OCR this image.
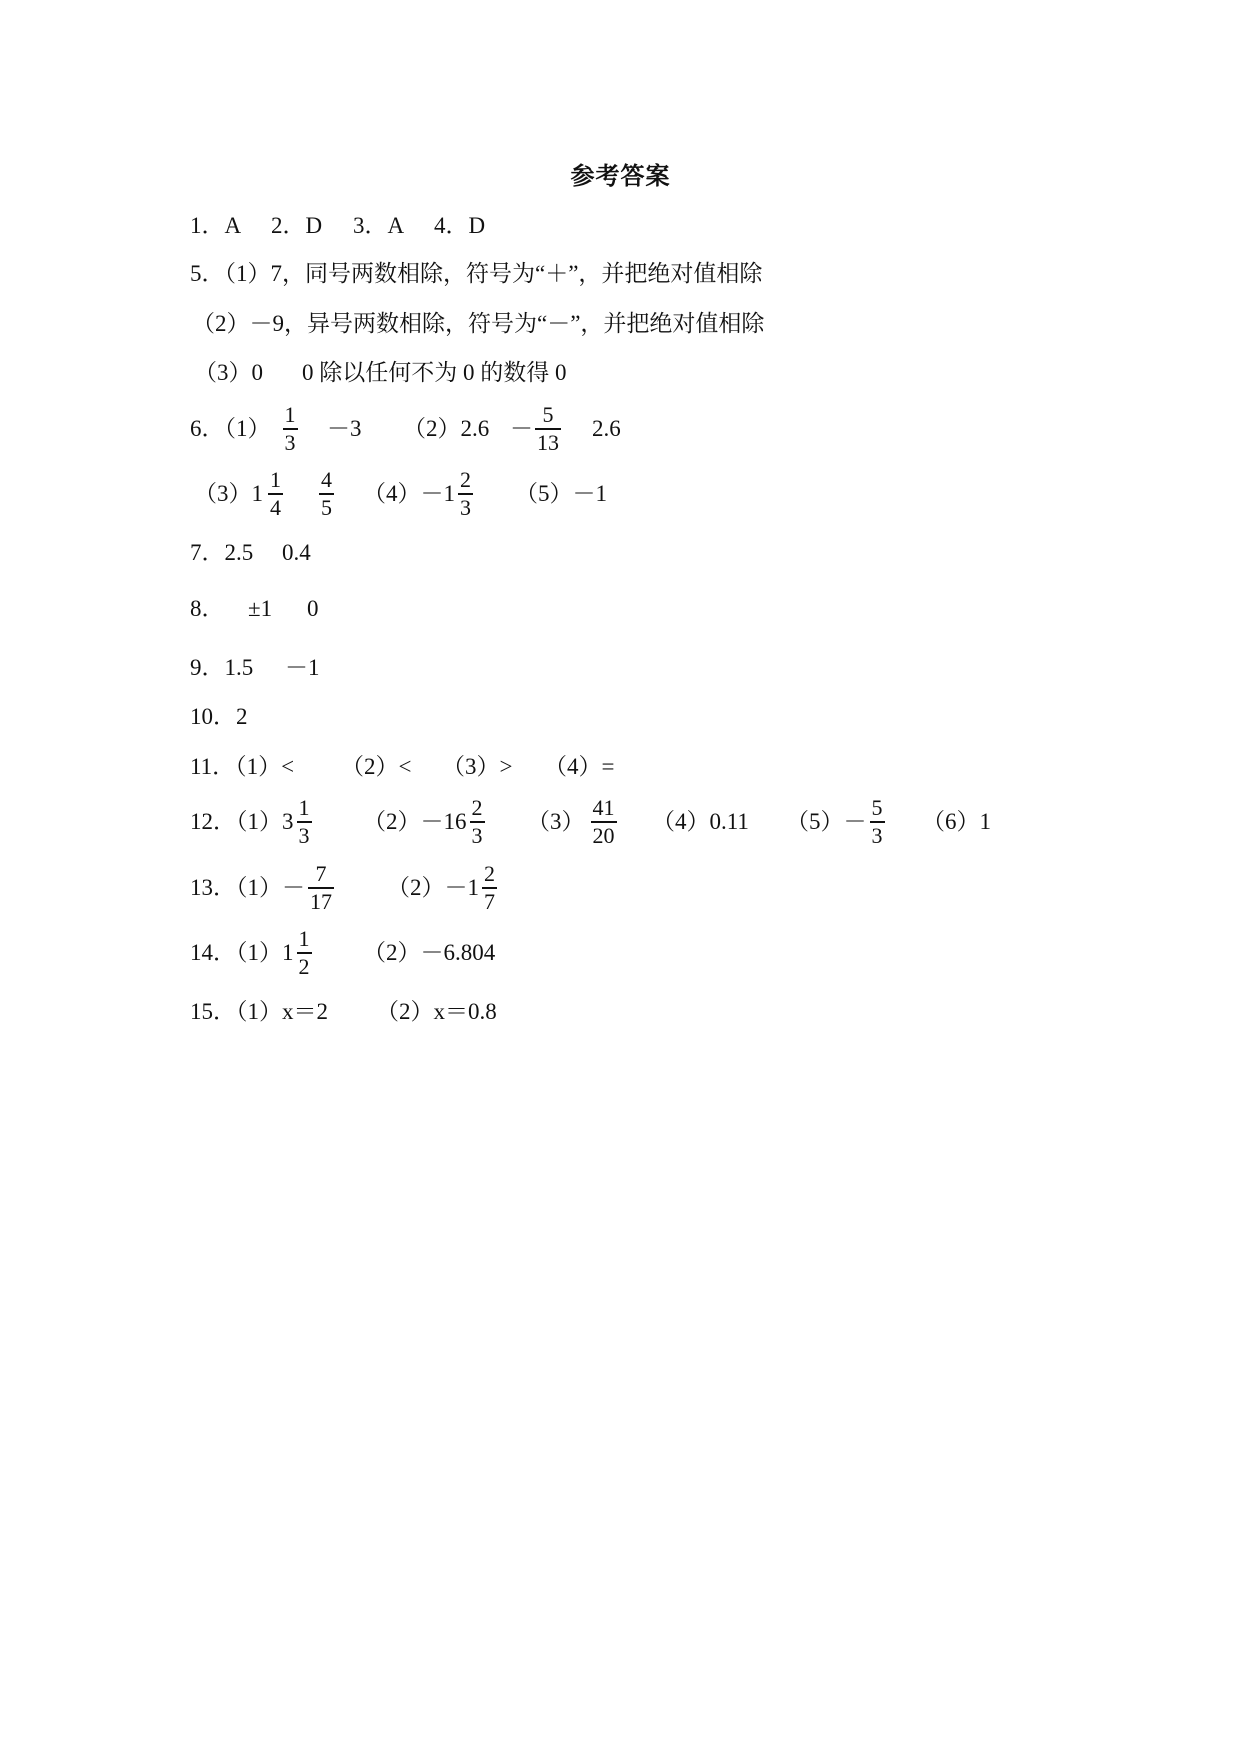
参考答案
1．A 2．D 3．A 4．D
5．（1）7，同号两数相除，符号为“＋”，并把绝对值相除
（2）－9，异号两数相除，符号为“－”，并把绝对值相除
（3）0 0 除以任何不为 0 的数得 0
6．$(1) \frac{1}{3} -3$ $(2)2.6 - \frac{5}{13} 2.6$
$(3)1 \frac{1}{4} \frac{4}{5} (4)-1 \frac{2}{3} (5)-1$
7．2.5 0.4
8． ±1 0
9．1.5 －1
10．2
11．（1）< （2）< （3）> （4）=
12．$(1)3 \frac{1}{3} (2)-16 \frac{2}{3} (3) \frac{41}{20} (4)0.11$ $(5)- \frac{5}{3} (6)1$
13．$(1)- \frac{7}{17} (2)-1 \frac{2}{7}$
14．$(1)1 \frac{1}{2} (2)-6.804$
15．（1）x＝2 （2）x＝0.8
